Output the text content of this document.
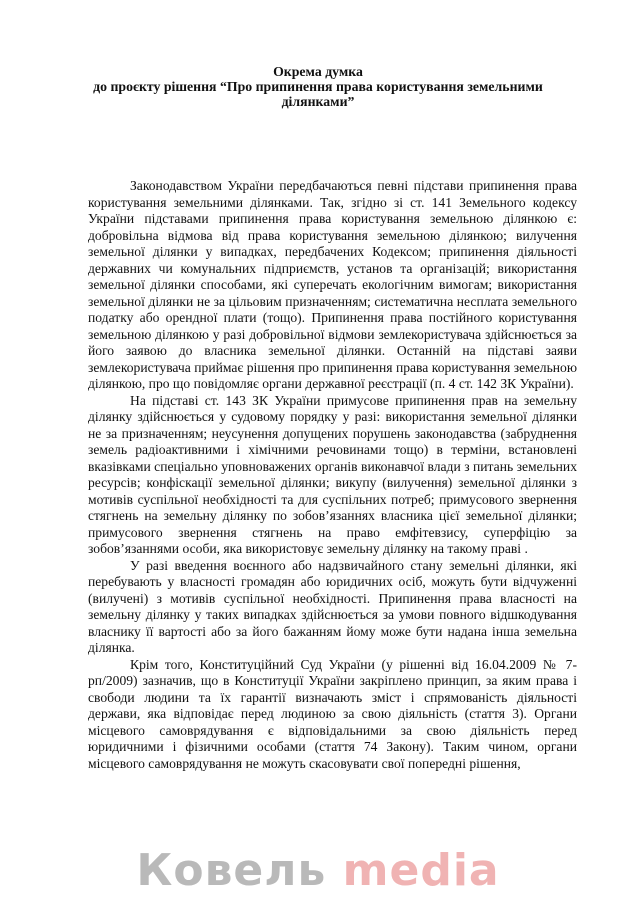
Окрема думка
до проєкту рішення “Про припинення права користування земельними
ділянками”

Законодавством України передбачаються певні підстави припинення права користування земельними ділянками. Так, згідно зі ст. 141 Земельного кодексу України підставами припинення права користування земельною ділянкою є: добровільна відмова від права користування земельною ділянкою; вилучення земельної ділянки у випадках, передбачених Кодексом; припинення діяльності державних чи комунальних підприємств, установ та організацій; використання земельної ділянки способами, які суперечать екологічним вимогам; використання земельної ділянки не за цільовим призначенням; систематична несплата земельного податку або орендної плати (тощо). Припинення права постійного користування земельною ділянкою у разі добровільної відмови землекористувача здійснюється за його заявою до власника земельної ділянки. Останній на підставі заяви землекористувача приймає рішення про припинення права користування земельною ділянкою, про що повідомляє органи державної реєстрації (п. 4 ст. 142 ЗК України).

На підставі ст. 143 ЗК України примусове припинення прав на земельну ділянку здійснюється у судовому порядку у разі: використання земельної ділянки не за призначенням; неусунення допущених порушень законодавства (забруднення земель радіоактивними і хімічними речовинами тощо) в терміни, встановлені вказівками спеціально уповноважених органів виконавчої влади з питань земельних ресурсів; конфіскації земельної ділянки; викупу (вилучення) земельної ділянки з мотивів суспільної необхідності та для суспільних потреб; примусового звернення стягнень на земельну ділянку по зобов’язаннях власника цієї земельної ділянки; примусового звернення стягнень на право емфітевзису, суперфіцію за зобов’язаннями особи, яка використовує земельну ділянку на такому праві .

У разі введення воєнного або надзвичайного стану земельні ділянки, які перебувають у власності громадян або юридичних осіб, можуть бути відчуженні (вилучені) з мотивів суспільної необхідності. Припинення права власності на земельну ділянку у таких випадках здійснюється за умови повного відшкодування власнику її вартості або за його бажанням йому може бути надана інша земельна ділянка.

Крім того, Конституційний Суд України (у рішенні від 16.04.2009 № 7-рп/2009) зазначив, що в Конституції України закріплено принцип, за яким права і свободи людини та їх гарантії визначають зміст і спрямованість діяльності держави, яка відповідає перед людиною за свою діяльність (стаття 3). Органи місцевого самоврядування є відповідальними за свою діяльність перед юридичними і фізичними особами (стаття 74 Закону). Таким чином, органи місцевого самоврядування не можуть скасовувати свої попередні рішення,

Ковель media
